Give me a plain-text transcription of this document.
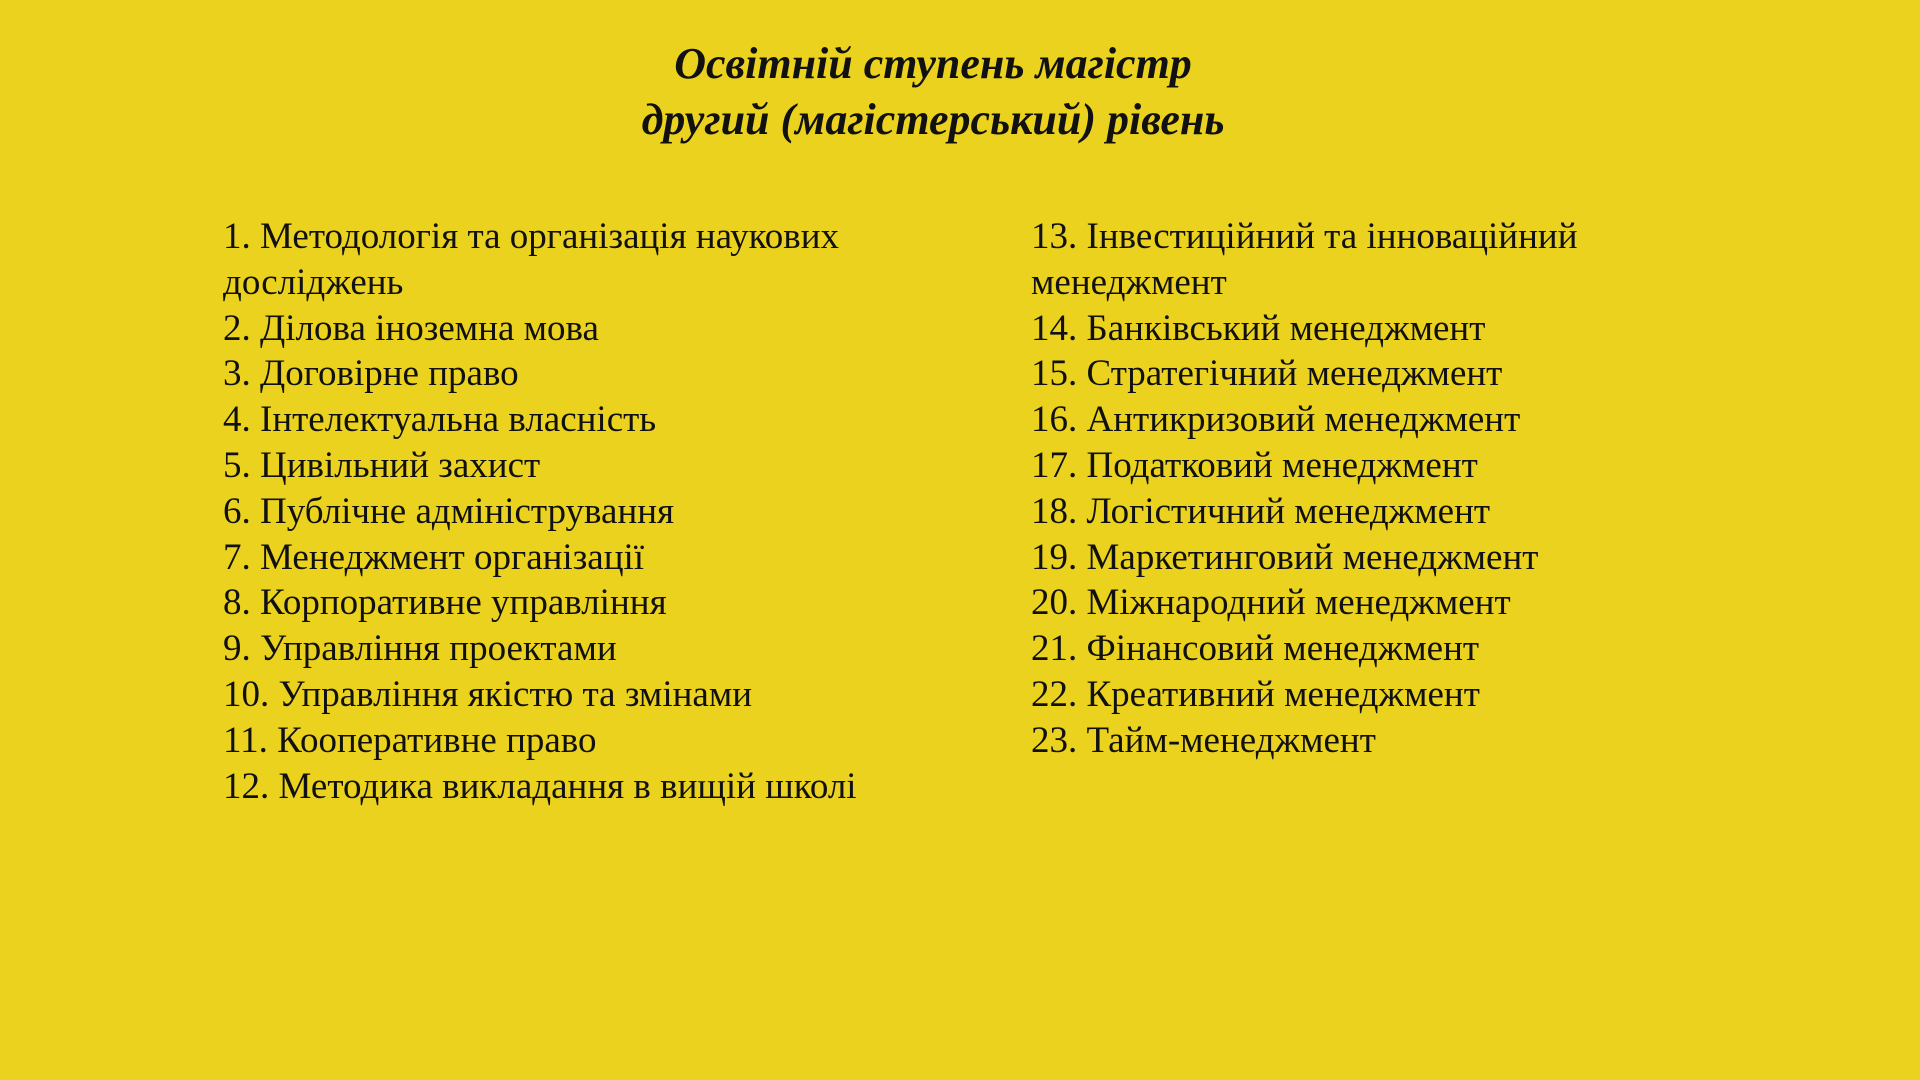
Освітній ступень магістр
другий (магістерський) рівень
1. Методологія та організація наукових досліджень
2. Ділова іноземна мова
3. Договірне право
4. Інтелектуальна власність
5. Цивільний захист
6. Публічне адміністрування
7. Менеджмент організації
8. Корпоративне управління
9. Управління проектами
10. Управління якістю та змінами
11. Кооперативне право
12. Методика викладання в вищій школі
13. Інвестиційний та інноваційний менеджмент
14. Банківський менеджмент
15. Стратегічний менеджмент
16. Антикризовий менеджмент
17. Податковий менеджмент
18. Логістичний менеджмент
19. Маркетинговий менеджмент
20. Міжнародний менеджмент
21. Фінансовий менеджмент
22. Креативний менеджмент
23. Тайм-менеджмент
